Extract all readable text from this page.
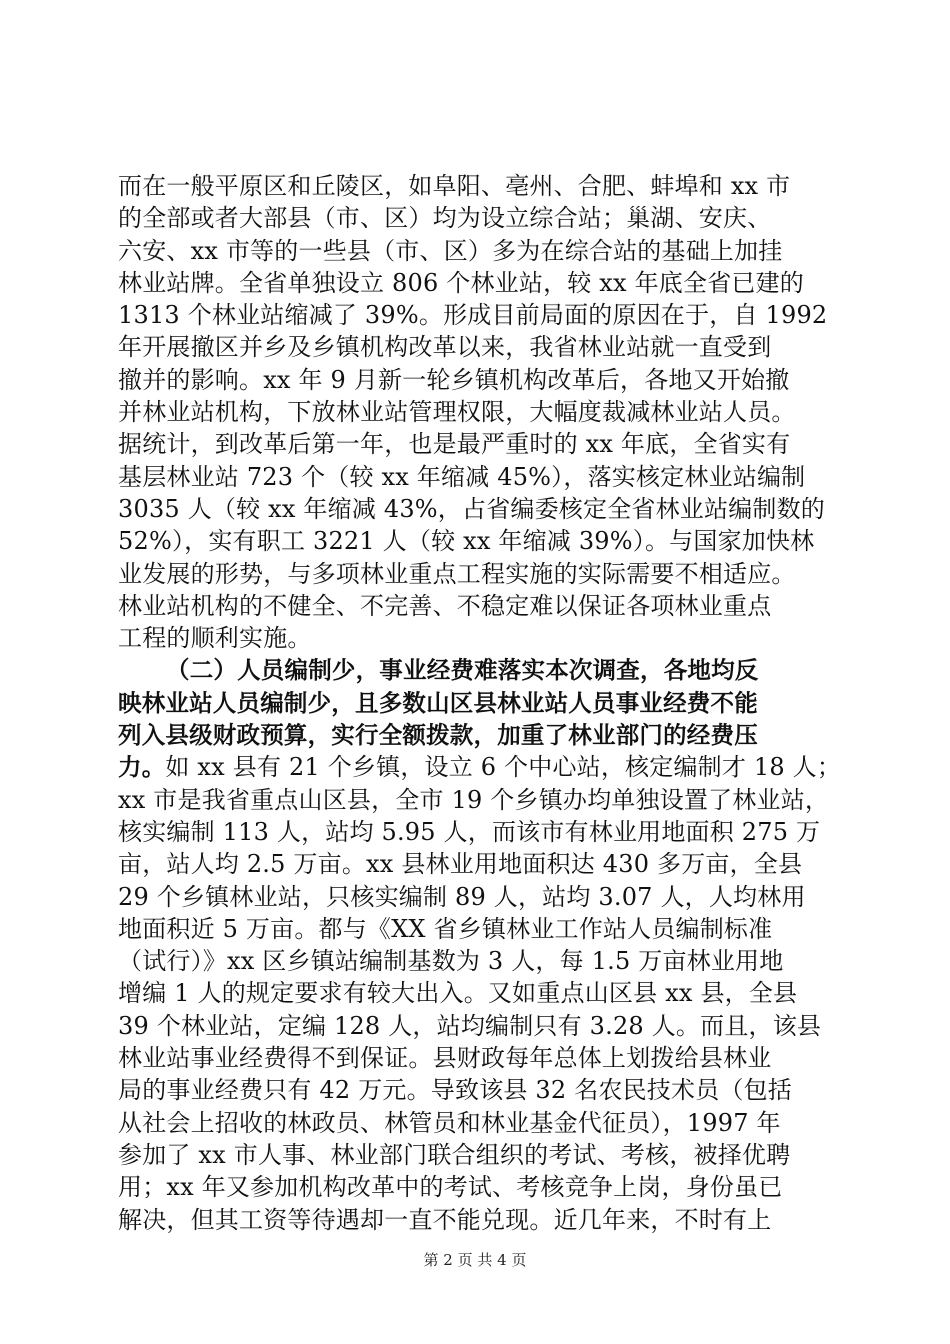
而在一般平原区和丘陵区，如阜阳、亳州、合肥、蚌埠和 xx 市
的全部或者大部县（市、区）均为设立综合站；巢湖、安庆、
六安、xx 市等的一些县（市、区）多为在综合站的基础上加挂
林业站牌。全省单独设立 806 个林业站，较 xx 年底全省已建的
1313 个林业站缩减了 39%。形成目前局面的原因在于，自 1992
年开展撤区并乡及乡镇机构改革以来，我省林业站就一直受到
撤并的影响。xx 年 9 月新一轮乡镇机构改革后，各地又开始撤
并林业站机构，下放林业站管理权限，大幅度裁减林业站人员。
据统计，到改革后第一年，也是最严重时的 xx 年底，全省实有
基层林业站 723 个（较 xx 年缩减 45%），落实核定林业站编制
3035 人（较 xx 年缩减 43%，占省编委核定全省林业站编制数的
52%），实有职工 3221 人（较 xx 年缩减 39%）。与国家加快林
业发展的形势，与多项林业重点工程实施的实际需要不相适应。
林业站机构的不健全、不完善、不稳定难以保证各项林业重点
工程的顺利实施。
（二）人员编制少，事业经费难落实本次调查，各地均反
映林业站人员编制少，且多数山区县林业站人员事业经费不能
列入县级财政预算，实行全额拨款，加重了林业部门的经费压
力。如 xx 县有 21 个乡镇，设立 6 个中心站，核定编制才 18 人；
xx 市是我省重点山区县，全市 19 个乡镇办均单独设置了林业站，
核实编制 113 人，站均 5.95 人，而该市有林业用地面积 275 万
亩，站人均 2.5 万亩。xx 县林业用地面积达 430 多万亩，全县
29 个乡镇林业站，只核实编制 89 人，站均 3.07 人，人均林用
地面积近 5 万亩。都与《XX 省乡镇林业工作站人员编制标准
（试行）》xx 区乡镇站编制基数为 3 人，每 1.5 万亩林业用地
增编 1 人的规定要求有较大出入。又如重点山区县 xx 县，全县
39 个林业站，定编 128 人，站均编制只有 3.28 人。而且，该县
林业站事业经费得不到保证。县财政每年总体上划拨给县林业
局的事业经费只有 42 万元。导致该县 32 名农民技术员（包括
从社会上招收的林政员、林管员和林业基金代征员），1997 年
参加了 xx 市人事、林业部门联合组织的考试、考核，被择优聘
用；xx 年又参加机构改革中的考试、考核竞争上岗，身份虽已
解决，但其工资等待遇却一直不能兑现。近几年来，不时有上
第 2 页 共 4 页
